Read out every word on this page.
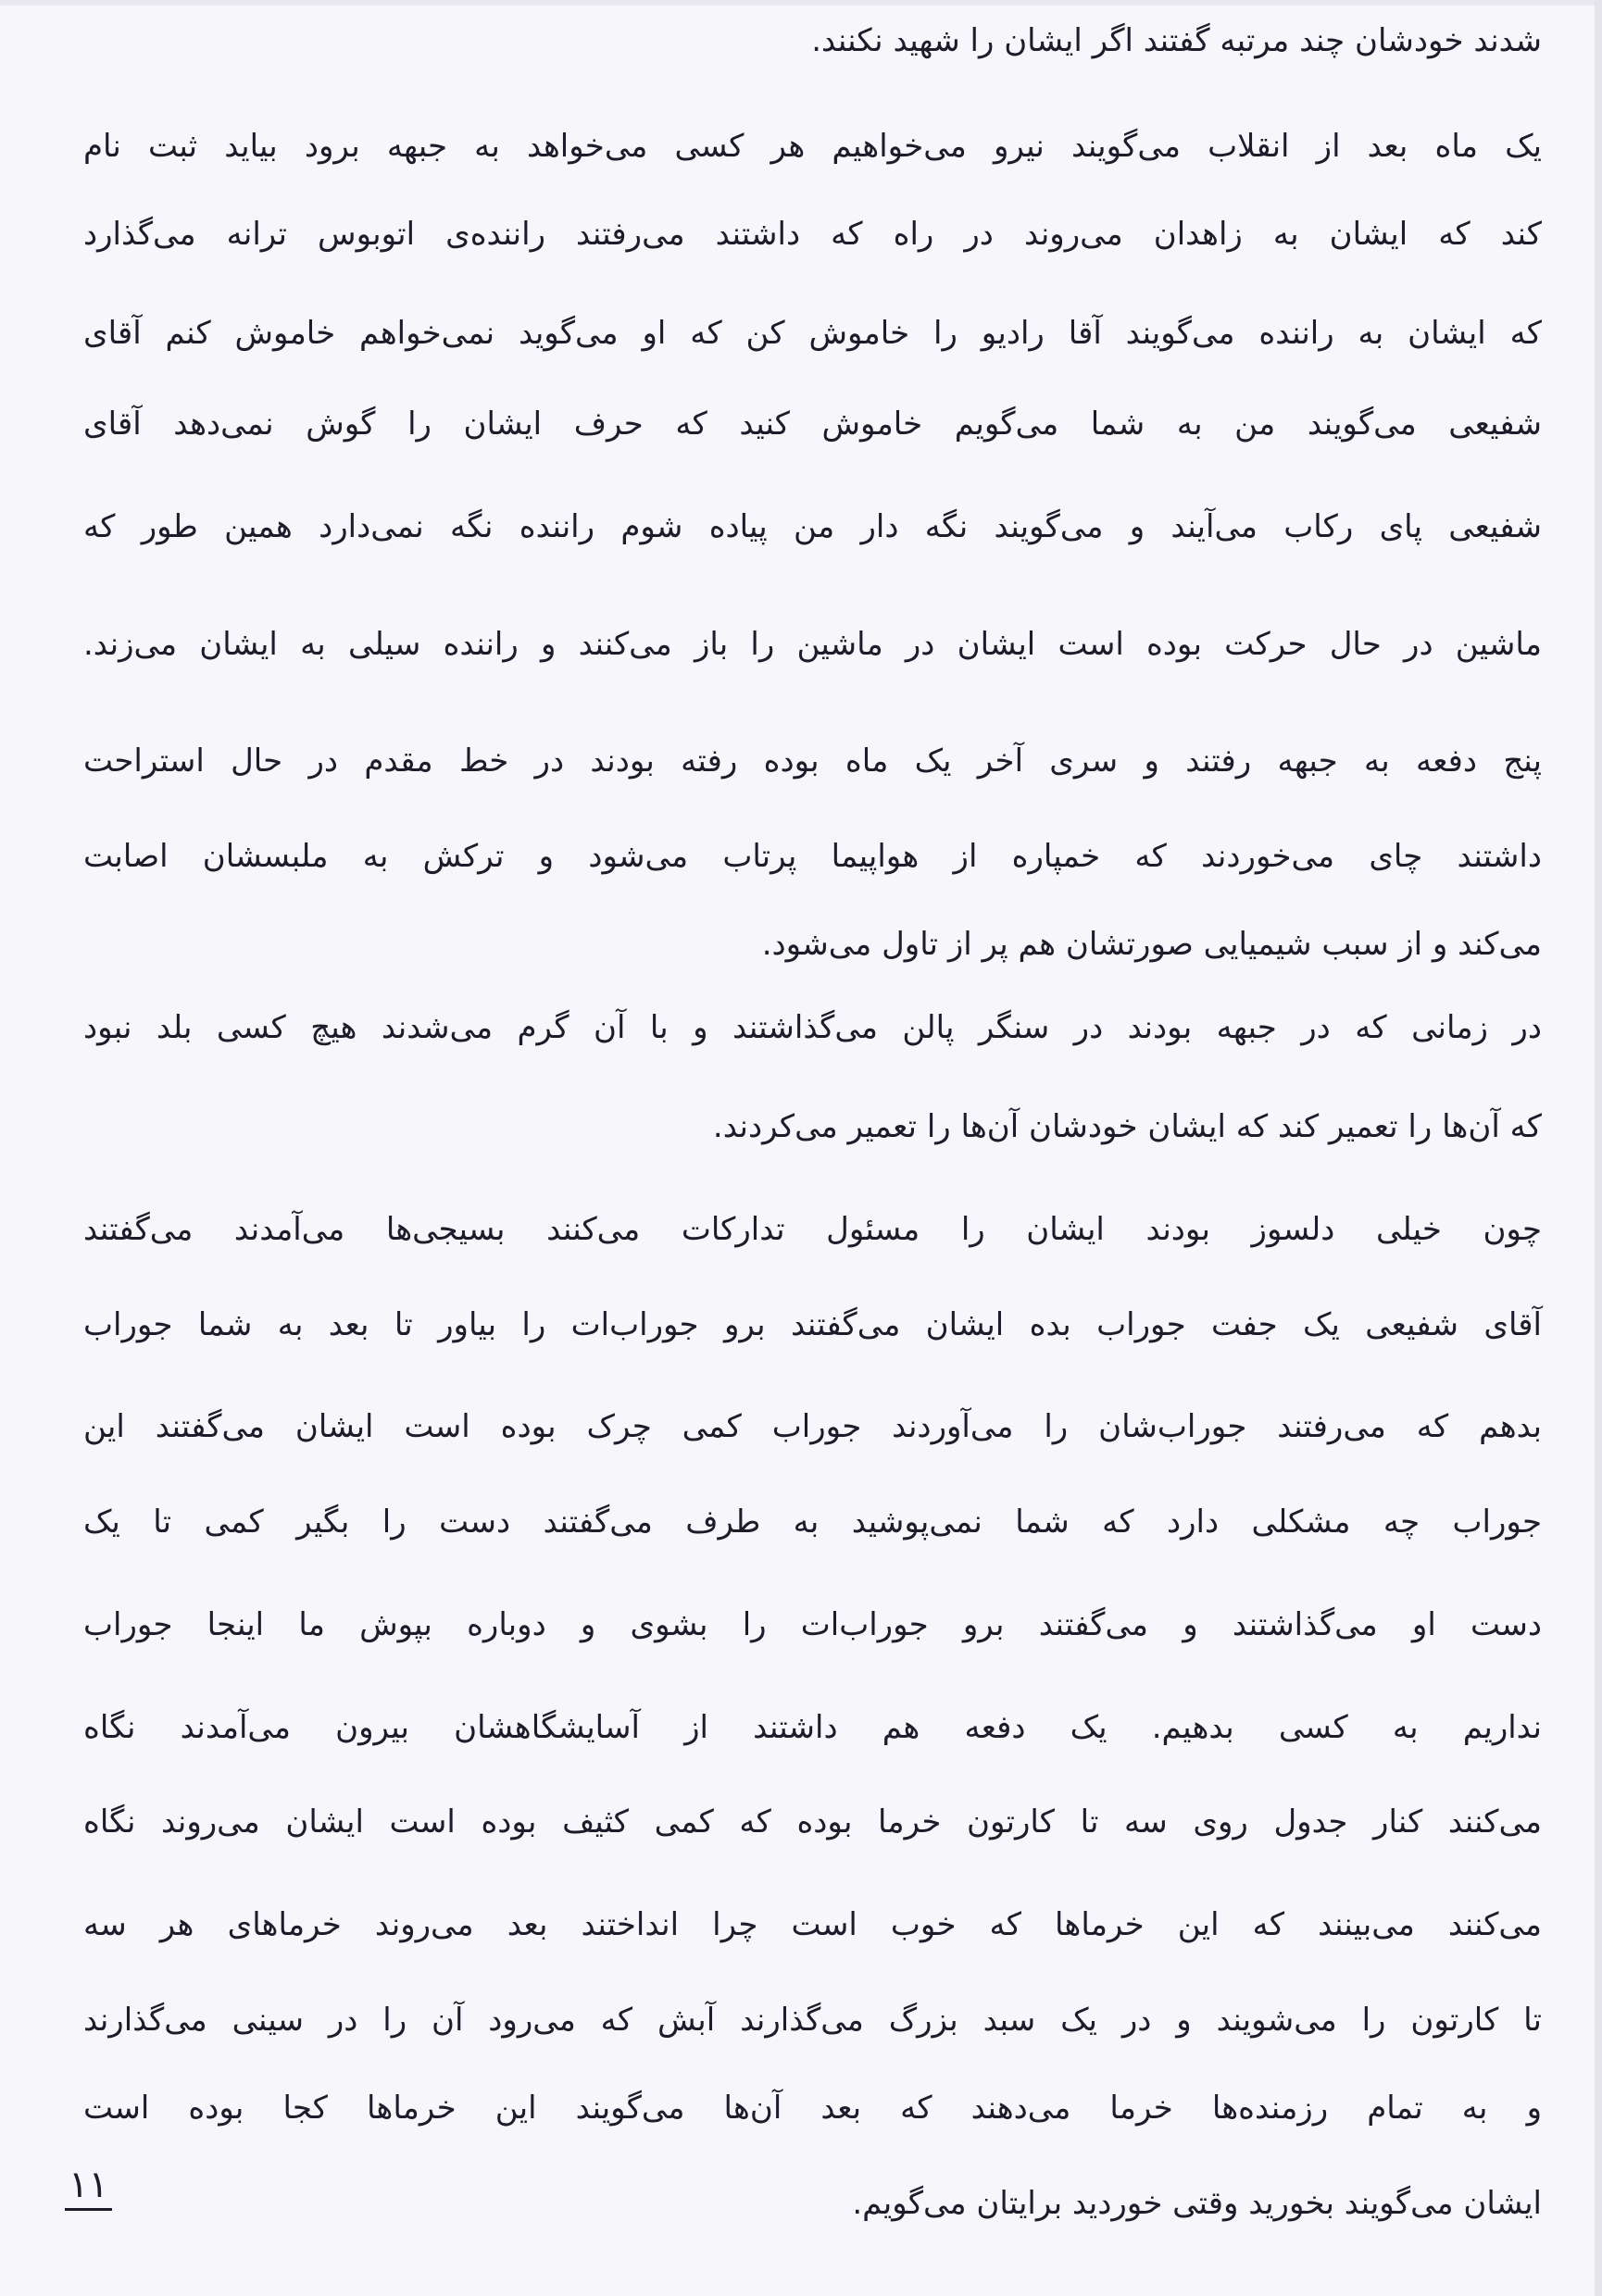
شدند خودشان چند مرتبه گفتند اگر ایشان را شهید نکنند.
یک ماه بعد از انقلاب می‌گویند نیرو می‌خواهیم هر کسی می‌خواهد به جبهه برود بیاید ثبت نام
کند که ایشان به زاهدان می‌روند در راه که داشتند می‌رفتند راننده‌ی اتوبوس ترانه می‌گذارد
که ایشان به راننده می‌گویند آقا رادیو را خاموش کن که او می‌گوید نمی‌خواهم خاموش کنم آقای
شفیعی می‌گویند من به شما می‌گویم خاموش کنید که حرف ایشان را گوش نمی‌دهد آقای
شفیعی پای رکاب می‌آیند و می‌گویند نگه دار من پیاده شوم راننده نگه نمی‌دارد همین طور که
ماشین در حال حرکت بوده است ایشان در ماشین را باز می‌کنند و راننده سیلی به ایشان می‌زند.
پنج دفعه به جبهه رفتند و سری آخر یک ماه بوده رفته بودند در خط مقدم در حال استراحت
داشتند چای می‌خوردند که خمپاره از هواپیما پرتاب می‌شود و ترکش به ملبسشان اصابت
می‌کند و از سبب شیمیایی صورتشان هم پر از تاول می‌شود.
در زمانی که در جبهه بودند در سنگر پالن می‌گذاشتند و با آن گرم می‌شدند هیچ کسی بلد نبود
که آن‌ها را تعمیر کند که ایشان خودشان آن‌ها را تعمیر می‌کردند.
چون خیلی دلسوز بودند ایشان را مسئول تدارکات می‌کنند بسیجی‌ها می‌آمدند می‌گفتند
آقای شفیعی یک جفت جوراب بده ایشان می‌گفتند برو جوراب‌ات را بیاور تا بعد به شما جوراب
بدهم که می‌رفتند جوراب‌شان را می‌آوردند جوراب کمی چرک بوده است ایشان می‌گفتند این
جوراب چه مشکلی دارد که شما نمی‌پوشید به طرف می‌گفتند دست را بگیر کمی تا یک
دست او می‌گذاشتند و می‌گفتند برو جوراب‌ات را بشوی و دوباره بپوش ما اینجا جوراب
نداریم به کسی بدهیم. یک دفعه هم داشتند از آسایشگاهشان بیرون می‌آمدند نگاه
می‌کنند کنار جدول روی سه تا کارتون خرما بوده که کمی کثیف بوده است ایشان می‌روند نگاه
می‌کنند می‌بینند که این خرماها که خوب است چرا انداختند بعد می‌روند خرماهای هر سه
تا کارتون را می‌شویند و در یک سبد بزرگ می‌گذارند آبش که می‌رود آن را در سینی می‌گذارند
و به تمام رزمنده‌ها خرما می‌دهند که بعد آن‌ها می‌گویند این خرماها کجا بوده است
ایشان می‌گویند بخورید وقتی خوردید برایتان می‌گویم.
۱۱
